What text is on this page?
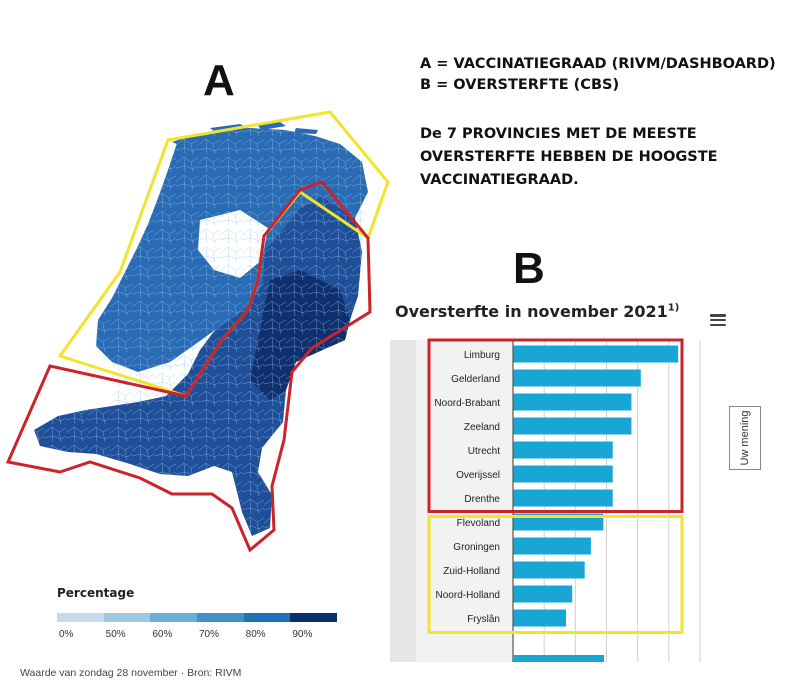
A	A = VACCINATIEGRAAD (RIVM/DASHBOARD)
B = OVERSTERFTE (CBS)
De 7 PROVINCIES MET DE MEESTE
OVERSTERFTE HEBBEN DE HOOGSTE
VACCINATIEGRAAD.
B
Oversterfte in november 2021$^{1)}$
Limburg
Gelderland
Noord-Brabant
Zeeland
Utrecht
Overijssel
Drenthe
Flevoland
Groningen
Zuid-Holland
Noord-Holland
Fryslân
Uw mening
Percentage
0%	50%	60%	70%	80%	90%
Waarde van zondag 28 november · Bron: RIVM
